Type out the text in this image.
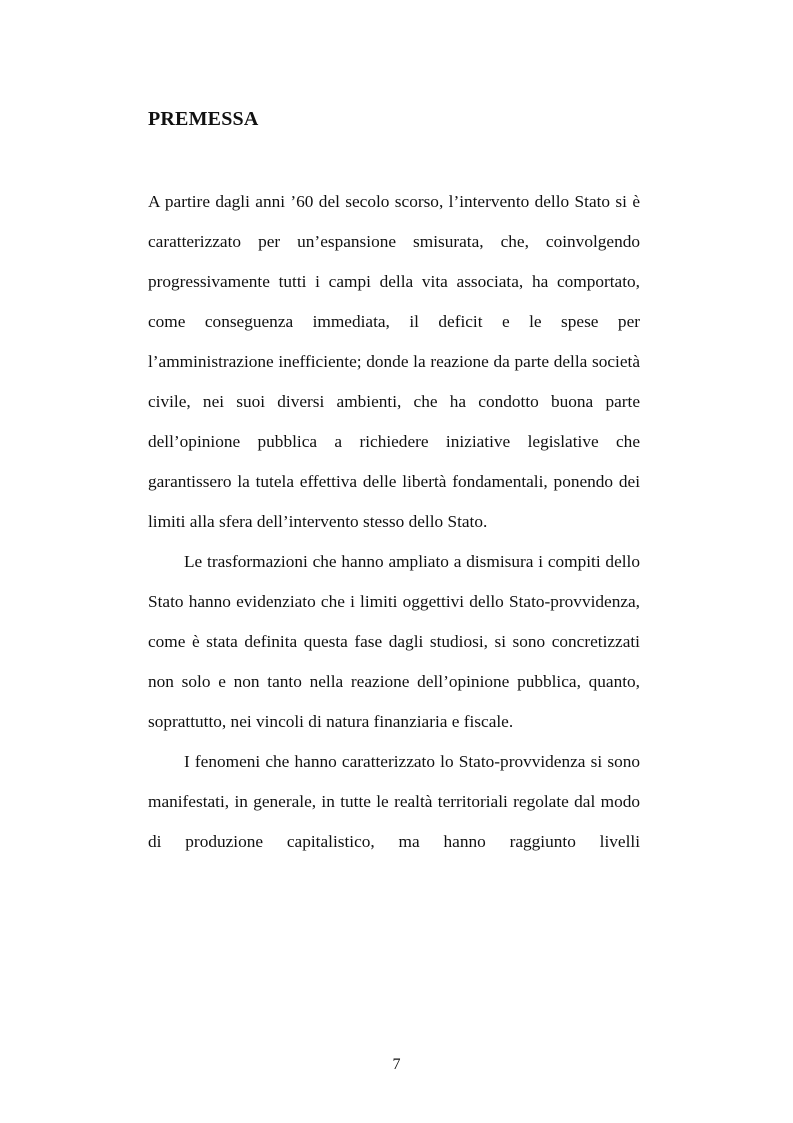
PREMESSA

A partire dagli anni ’60 del secolo scorso, l’intervento dello Stato si è caratterizzato per un’espansione smisurata, che, coinvolgendo progressivamente tutti i campi della vita associata, ha comportato, come conseguenza immediata, il deficit e le spese per l’amministrazione inefficiente; donde la reazione da parte della società civile, nei suoi diversi ambienti, che ha condotto buona parte dell’opinione pubblica a richiedere iniziative legislative che garantissero la tutela effettiva delle libertà fondamentali, ponendo dei limiti alla sfera dell’intervento stesso dello Stato.

Le trasformazioni che hanno ampliato a dismisura i compiti dello Stato hanno evidenziato che i limiti oggettivi dello Stato-provvidenza, come è stata definita questa fase dagli studiosi, si sono concretizzati non solo e non tanto nella reazione dell’opinione pubblica, quanto, soprattutto, nei vincoli di natura finanziaria e fiscale.

I fenomeni che hanno caratterizzato lo Stato-provvidenza si sono manifestati, in generale, in tutte le realtà territoriali regolate dal modo di produzione capitalistico, ma hanno raggiunto livelli

7
